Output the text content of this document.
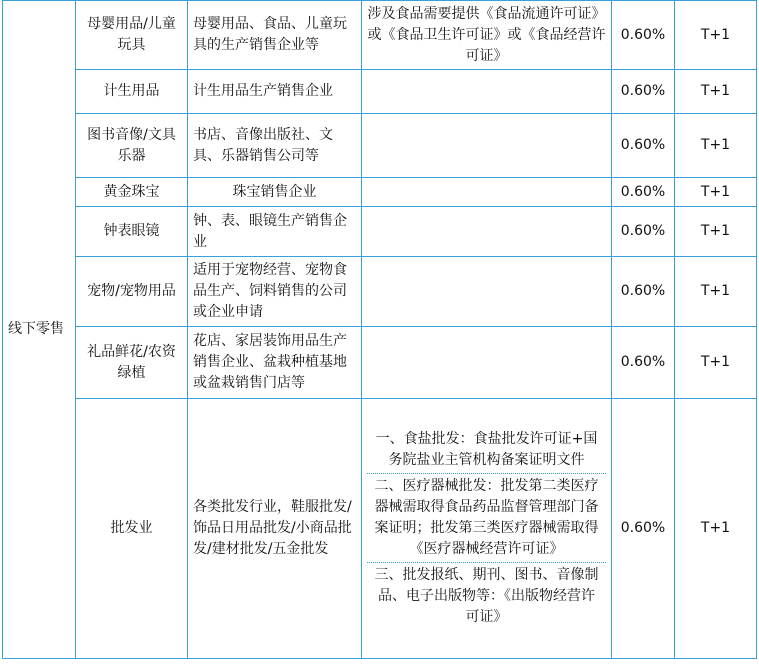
线下零售	母婴用品/儿童玩具	母婴用品、食品、儿童玩具的生产销售企业等	涉及食品需要提供《食品流通许可证》或《食品卫生许可证》或《食品经营许可证》	0.60%	T+1
	计生用品	计生用品生产销售企业		0.60%	T+1
	图书音像/文具乐器	书店、音像出版社、文具、乐器销售公司等		0.60%	T+1
	黄金珠宝	珠宝销售企业		0.60%	T+1
	钟表眼镜	钟、表、眼镜生产销售企业		0.60%	T+1
	宠物/宠物用品	适用于宠物经营、宠物食品生产、饲料销售的公司或企业申请		0.60%	T+1
	礼品鲜花/农资绿植	花店、家居装饰用品生产销售企业、盆栽种植基地或盆栽销售门店等		0.60%	T+1
	批发业	各类批发行业，鞋服批发/饰品日用品批发/小商品批发/建材批发/五金批发	一、食盐批发：食盐批发许可证+国务院盐业主管机构备案证明文件
二、医疗器械批发：批发第二类医疗器械需取得食品药品监督管理部门备案证明；批发第三类医疗器械需取得《医疗器械经营许可证》
三、批发报纸、期刊、图书、音像制品、电子出版物等：《出版物经营许可证》	0.60%	T+1
